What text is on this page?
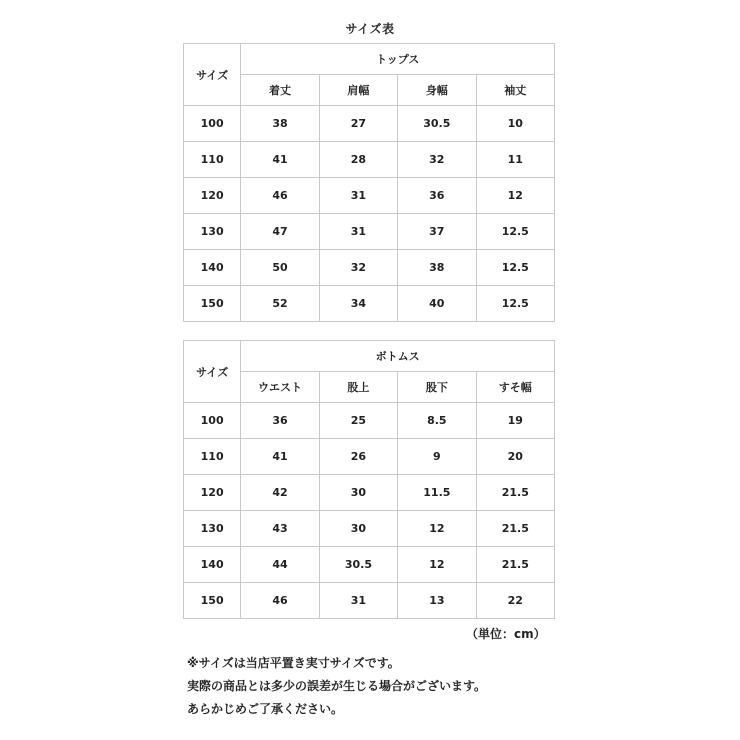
サイズ表
サイズ	トップス			
	着丈	肩幅	身幅	袖丈
100	38	27	30.5	10
110	41	28	32	11
120	46	31	36	12
130	47	31	37	12.5
140	50	32	38	12.5
150	52	34	40	12.5
サイズ	ボトムス			
	ウエスト	股上	股下	すそ幅
100	36	25	8.5	19
110	41	26	9	20
120	42	30	11.5	21.5
130	43	30	12	21.5
140	44	30.5	12	21.5
150	46	31	13	22
（単位：cm）
※サイズは当店平置き実寸サイズです。
実際の商品とは多少の誤差が生じる場合がございます。
あらかじめご了承ください。
